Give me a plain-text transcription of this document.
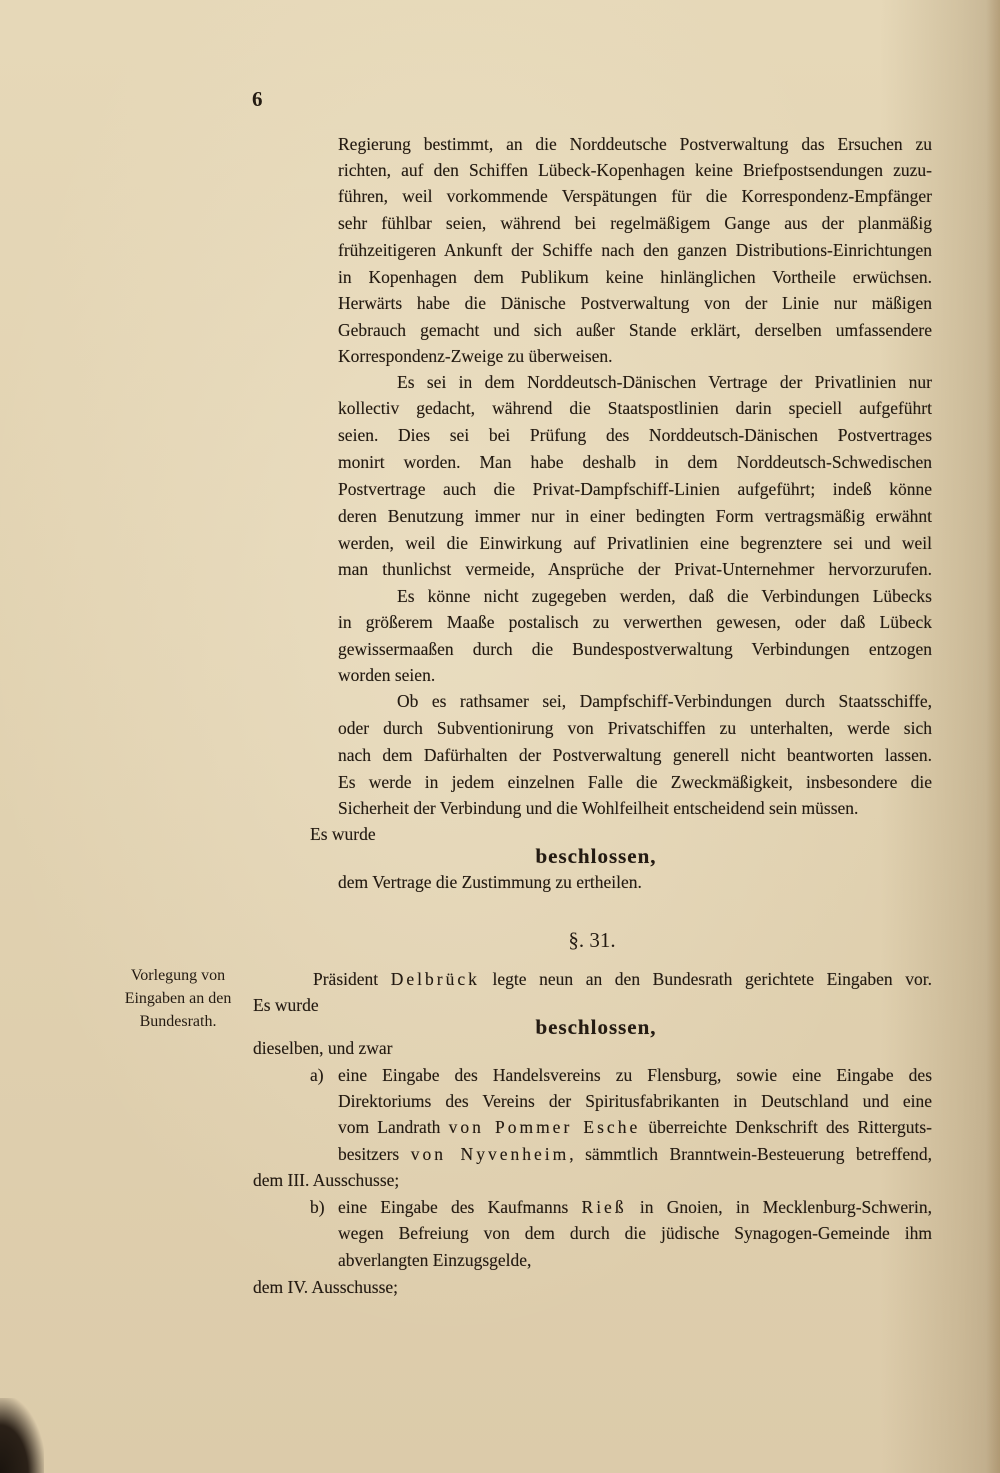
6
Regierung bestimmt, an die Norddeutsche Postverwaltung das Ersuchen zu
richten, auf den Schiffen Lübeck-Kopenhagen keine Briefpostsendungen zuzu-
führen, weil vorkommende Verspätungen für die Korrespondenz-Empfänger
sehr fühlbar seien, während bei regelmäßigem Gange aus der planmäßig
frühzeitigeren Ankunft der Schiffe nach den ganzen Distributions-Einrichtungen
in Kopenhagen dem Publikum keine hinlänglichen Vortheile erwüchsen.
Herwärts habe die Dänische Postverwaltung von der Linie nur mäßigen
Gebrauch gemacht und sich außer Stande erklärt, derselben umfassendere
Korrespondenz-Zweige zu überweisen.
Es sei in dem Norddeutsch-Dänischen Vertrage der Privatlinien nur
kollectiv gedacht, während die Staatspostlinien darin speciell aufgeführt
seien. Dies sei bei Prüfung des Norddeutsch-Dänischen Postvertrages
monirt worden. Man habe deshalb in dem Norddeutsch-Schwedischen
Postvertrage auch die Privat-Dampfschiff-Linien aufgeführt; indeß könne
deren Benutzung immer nur in einer bedingten Form vertragsmäßig erwähnt
werden, weil die Einwirkung auf Privatlinien eine begrenztere sei und weil
man thunlichst vermeide, Ansprüche der Privat-Unternehmer hervorzurufen.
Es könne nicht zugegeben werden, daß die Verbindungen Lübecks
in größerem Maaße postalisch zu verwerthen gewesen, oder daß Lübeck
gewissermaaßen durch die Bundespostverwaltung Verbindungen entzogen
worden seien.
Ob es rathsamer sei, Dampfschiff-Verbindungen durch Staatsschiffe,
oder durch Subventionirung von Privatschiffen zu unterhalten, werde sich
nach dem Dafürhalten der Postverwaltung generell nicht beantworten lassen.
Es werde in jedem einzelnen Falle die Zweckmäßigkeit, insbesondere die
Sicherheit der Verbindung und die Wohlfeilheit entscheidend sein müssen.
Es wurde
beschlossen,
dem Vertrage die Zustimmung zu ertheilen.
§. 31.
Vorlegung von
Eingaben an den
Bundesrath.
Präsident Delbrück legte neun an den Bundesrath gerichtete Eingaben vor.
Es wurde
beschlossen,
dieselben, und zwar
a) eine Eingabe des Handelsvereins zu Flensburg, sowie eine Eingabe des
Direktoriums des Vereins der Spiritusfabrikanten in Deutschland und eine
vom Landrath von Pommer Esche überreichte Denkschrift des Ritterguts-
besitzers von Nyvenheim, sämmtlich Branntwein-Besteuerung betreffend,
dem III. Ausschusse;
b) eine Eingabe des Kaufmanns Rieß in Gnoien, in Mecklenburg-Schwerin,
wegen Befreiung von dem durch die jüdische Synagogen-Gemeinde ihm
abverlangten Einzugsgelde,
dem IV. Ausschusse;
